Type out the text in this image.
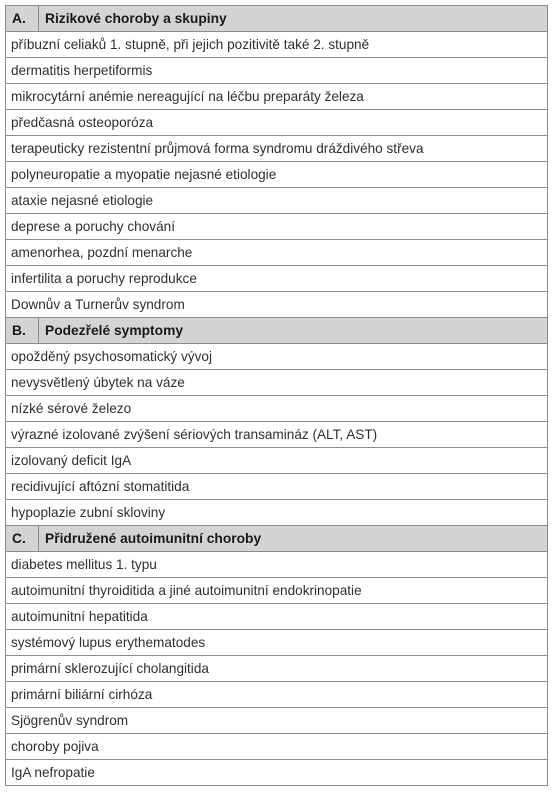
A.	Rizikové choroby a skupiny
příbuzní celiaků 1. stupně, při jejich pozitivitě také 2. stupně	
dermatitis herpetiformis	
mikrocytární anémie nereagující na léčbu preparáty železa	
předčasná osteoporóza	
terapeuticky rezistentní průjmová forma syndromu dráždivého střeva	
polyneuropatie a myopatie nejasné etiologie	
ataxie nejasné etiologie	
deprese a poruchy chování	
amenorhea, pozdní menarche	
infertilita a poruchy reprodukce	
Downův a Turnerův syndrom	
B.	Podezřelé symptomy
opožděný psychosomatický vývoj	
nevysvětlený úbytek na váze	
nízké sérové železo	
výrazné izolované zvýšení sériových transamináz (ALT, AST)	
izolovaný deficit IgA	
recidivující aftózní stomatitida	
hypoplazie zubní skloviny	
C.	Přidružené autoimunitní choroby
diabetes mellitus 1. typu	
autoimunitní thyroiditida a jiné autoimunitní endokrinopatie	
autoimunitní hepatitida	
systémový lupus erythematodes	
primární sklerozující cholangitida	
primární biliární cirhóza	
Sjögrenův syndrom	
choroby pojiva	
IgA nefropatie	
